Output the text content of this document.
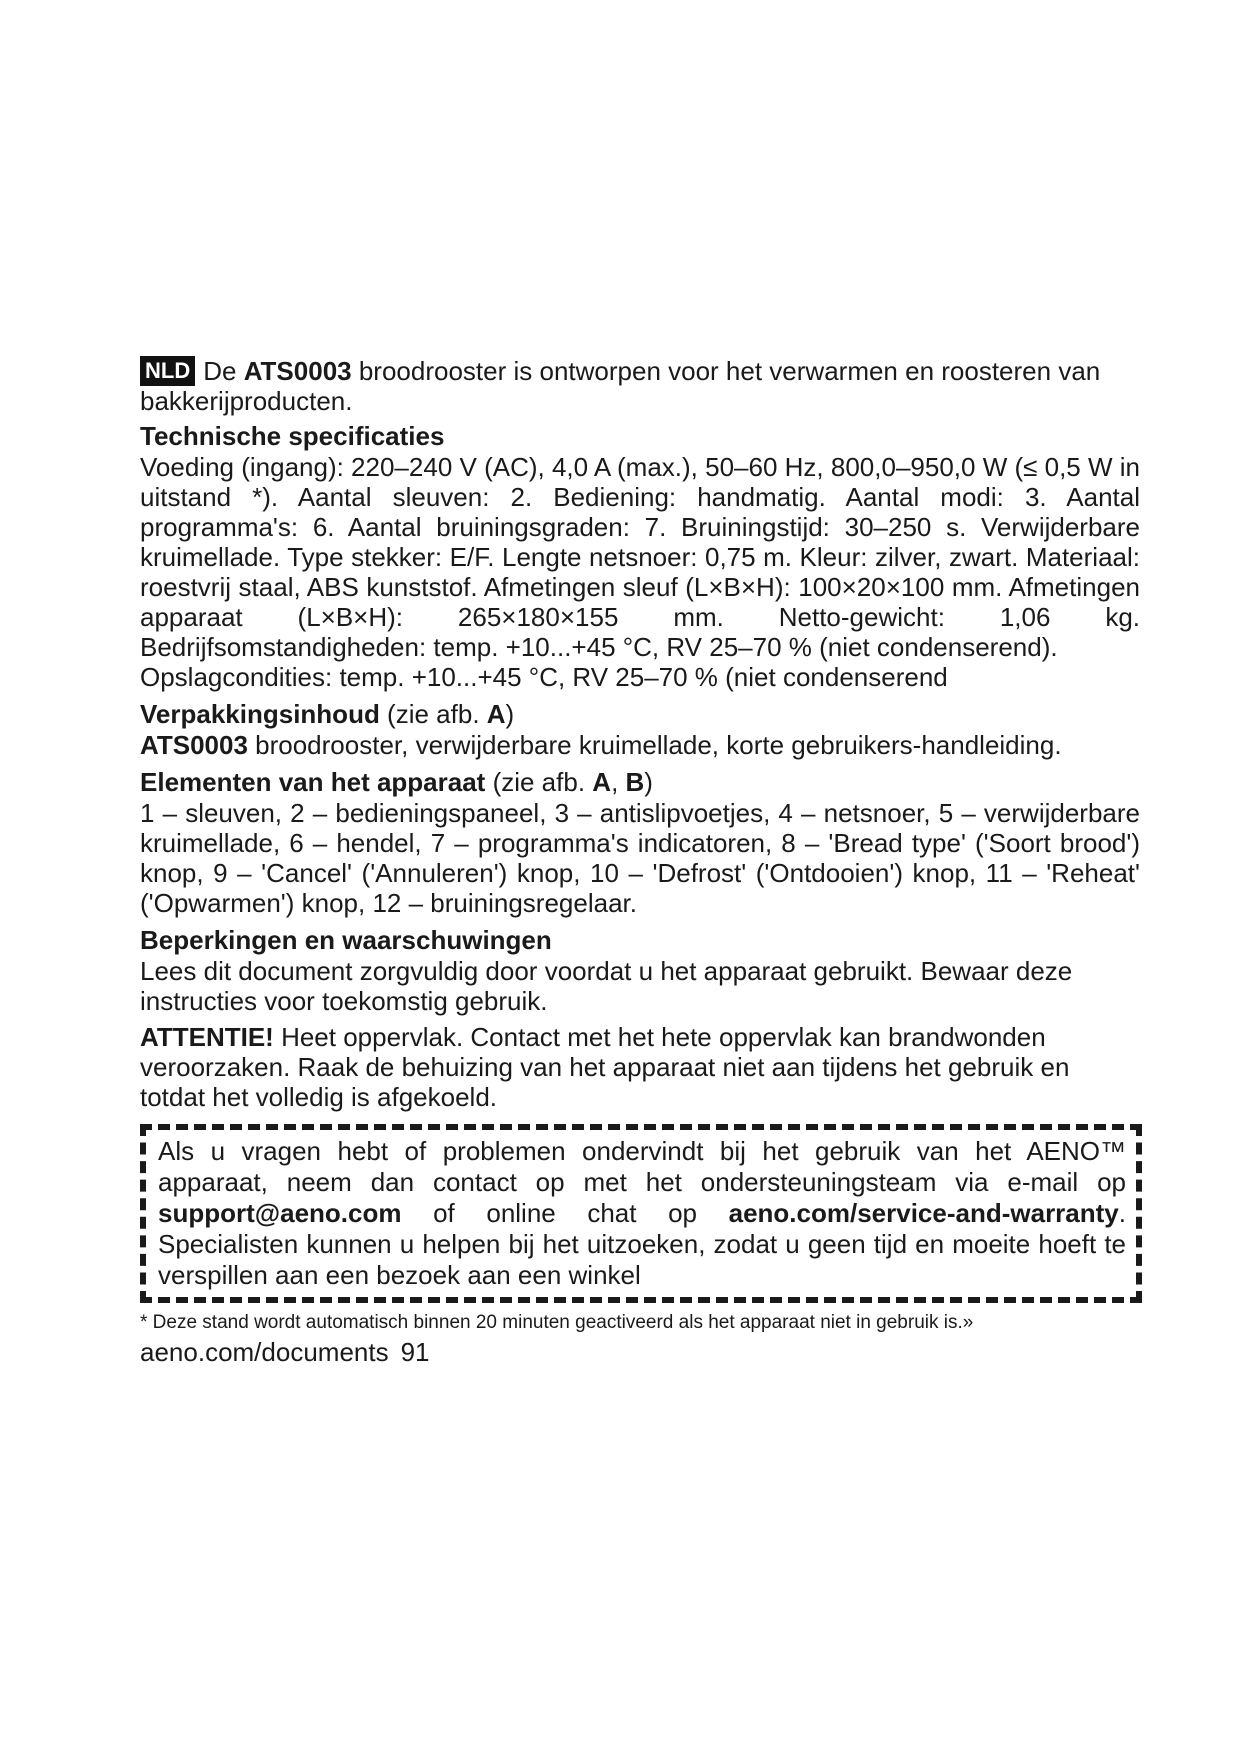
NLD De ATS0003 broodrooster is ontworpen voor het verwarmen en roosteren van bakkerijproducten.

Technische specificaties

Voeding (ingang): 220–240 V (AC), 4,0 A (max.), 50–60 Hz, 800,0–950,0 W (≤ 0,5 W in uitstand *). Aantal sleuven: 2. Bediening: handmatig. Aantal modi: 3. Aantal programma's: 6. Aantal bruiningsgraden: 7. Bruiningstijd: 30–250 s. Verwijderbare kruimellade. Type stekker: E/F. Lengte netsnoer: 0,75 m. Kleur: zilver, zwart. Materiaal: roestvrij staal, ABS kunststof. Afmetingen sleuf (L×B×H): 100×20×100 mm. Afmetingen apparaat (L×B×H): 265×180×155 mm. Netto-gewicht: 1,06 kg. Bedrijfsomstandigheden: temp. +10...+45 °C, RV 25–70 % (niet condenserend).

Opslagcondities: temp. +10...+45 °C, RV 25–70 % (niet condenserend

Verpakkingsinhoud (zie afb. A)

ATS0003 broodrooster, verwijderbare kruimellade, korte gebruikers-handleiding.

Elementen van het apparaat (zie afb. A, B)

1 – sleuven, 2 – bedieningspaneel, 3 – antislipvoetjes, 4 – netsnoer, 5 – verwijderbare kruimellade, 6 – hendel, 7 – programma's indicatoren, 8 – 'Bread type' ('Soort brood') knop, 9 – 'Cancel' ('Annuleren') knop, 10 – 'Defrost' ('Ontdooien') knop, 11 – 'Reheat' ('Opwarmen') knop, 12 – bruiningsregelaar.

Beperkingen en waarschuwingen

Lees dit document zorgvuldig door voordat u het apparaat gebruikt. Bewaar deze instructies voor toekomstig gebruik.

ATTENTIE! Heet oppervlak. Contact met het hete oppervlak kan brandwonden veroorzaken. Raak de behuizing van het apparaat niet aan tijdens het gebruik en totdat het volledig is afgekoeld.

Als u vragen hebt of problemen ondervindt bij het gebruik van het AENO™ apparaat, neem dan contact op met het ondersteuningsteam via e-mail op support@aeno.com of online chat op aeno.com/service-and-warranty. Specialisten kunnen u helpen bij het uitzoeken, zodat u geen tijd en moeite hoeft te verspillen aan een bezoek aan een winkel

* Deze stand wordt automatisch binnen 20 minuten geactiveerd als het apparaat niet in gebruik is.»
aeno.com/documents 91
